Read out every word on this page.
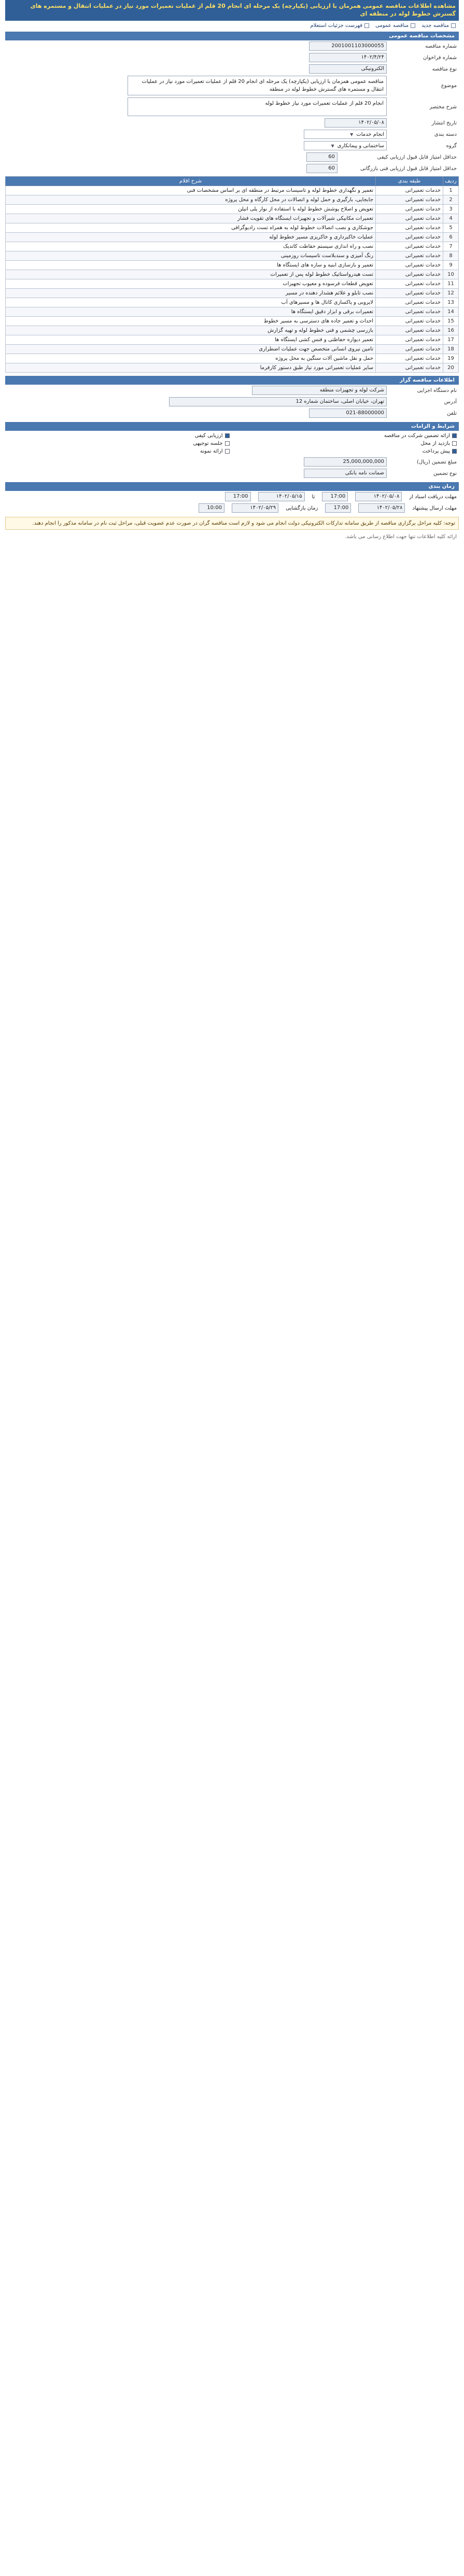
مشاهده اطلاعات مناقصه عمومی همزمان با ارزیابی (یکپارچه) یک مرحله ای انجام 20 قلم از عملیات تعمیرات مورد نیاز در عملیات انتقال و مستمره های گسترش خطوط لوله در منطقه ای
مناقصه جدید
مناقصه عمومی
فهرست جزئیات استعلام
مشخصات مناقصه عمومی
شماره مناقصه
2001001103000055
شماره فراخوان
۱۴۰۲/۴/۲۴
نوع مناقصه
الکترونیکی
موضوع
مناقصه عمومی همزمان با ارزیابی (یکپارچه) یک مرحله ای انجام 20 قلم از عملیات تعمیرات مورد نیاز در عملیات انتقال و مستمره های گسترش خطوط لوله در منطقه
شرح مختصر
انجام 20 قلم از عملیات تعمیرات مورد نیاز خطوط لوله
تاریخ انتشار
۱۴۰۲/۰۵/۰۸
دسته بندی
انجام خدمات
▼
گروه
ساختمانی و پیمانکاری
▼
حداقل امتیاز قابل قبول ارزیابی کیفی
60
حداقل امتیاز قابل قبول ارزیابی فنی بازرگانی
60
ردیف	طبقه بندی	شرح اقلام
1	خدمات تعمیراتی	تعمیر و نگهداری خطوط لوله و تاسیسات مرتبط در منطقه ای بر اساس مشخصات فنی
2	خدمات تعمیراتی	جابجایی، بارگیری و حمل لوله و اتصالات در محل کارگاه و محل پروژه
3	خدمات تعمیراتی	تعویض و اصلاح پوشش خطوط لوله با استفاده از نوار پلی اتیلن
4	خدمات تعمیراتی	تعمیرات مکانیکی شیرآلات و تجهیزات ایستگاه های تقویت فشار
5	خدمات تعمیراتی	جوشکاری و نصب اتصالات خطوط لوله به همراه تست رادیوگرافی
6	خدمات تعمیراتی	عملیات خاکبرداری و خاکریزی مسیر خطوط لوله
7	خدمات تعمیراتی	نصب و راه اندازی سیستم حفاظت کاتدیک
8	خدمات تعمیراتی	رنگ آمیزی و سندبلاست تاسیسات روزمینی
9	خدمات تعمیراتی	تعمیر و بازسازی ابنیه و سازه های ایستگاه ها
10	خدمات تعمیراتی	تست هیدرواستاتیک خطوط لوله پس از تعمیرات
11	خدمات تعمیراتی	تعویض قطعات فرسوده و معیوب تجهیزات
12	خدمات تعمیراتی	نصب تابلو و علائم هشدار دهنده در مسیر
13	خدمات تعمیراتی	لایروبی و پاکسازی کانال ها و مسیرهای آب
14	خدمات تعمیراتی	تعمیرات برقی و ابزار دقیق ایستگاه ها
15	خدمات تعمیراتی	احداث و تعمیر جاده های دسترسی به مسیر خطوط
16	خدمات تعمیراتی	بازرسی چشمی و فنی خطوط لوله و تهیه گزارش
17	خدمات تعمیراتی	تعمیر دیواره حفاظتی و فنس کشی ایستگاه ها
18	خدمات تعمیراتی	تامین نیروی انسانی متخصص جهت عملیات اضطراری
19	خدمات تعمیراتی	حمل و نقل ماشین آلات سنگین به محل پروژه
20	خدمات تعمیراتی	سایر عملیات تعمیراتی مورد نیاز طبق دستور کارفرما
اطلاعات مناقصه گزار
نام دستگاه اجرایی
شرکت لوله و تجهیزات منطقه
آدرس
تهران، خیابان اصلی، ساختمان شماره 12
تلفن
021-88000000
شرایط و الزامات
ارائه تضمین شرکت در مناقصه
ارزیابی کیفی
بازدید از محل
جلسه توجیهی
پیش پرداخت
ارائه نمونه
مبلغ تضمین (ریال)
25,000,000,000
نوع تضمین
ضمانت نامه بانکی
زمان بندی
مهلت دریافت اسناد از
۱۴۰۲/۰۵/۰۸
17:00
تا
۱۴۰۲/۰۵/۱۵
17:00
مهلت ارسال پیشنهاد
۱۴۰۲/۰۵/۲۸
17:00
زمان بازگشایی
۱۴۰۲/۰۵/۲۹
10:00
توجه: کلیه مراحل برگزاری مناقصه از طریق سامانه تدارکات الکترونیکی دولت انجام می شود و لازم است مناقصه گران در صورت عدم عضویت قبلی، مراحل ثبت نام در سامانه مذکور را انجام دهند.
ارائه کلیه اطلاعات تنها جهت اطلاع رسانی می باشد.
